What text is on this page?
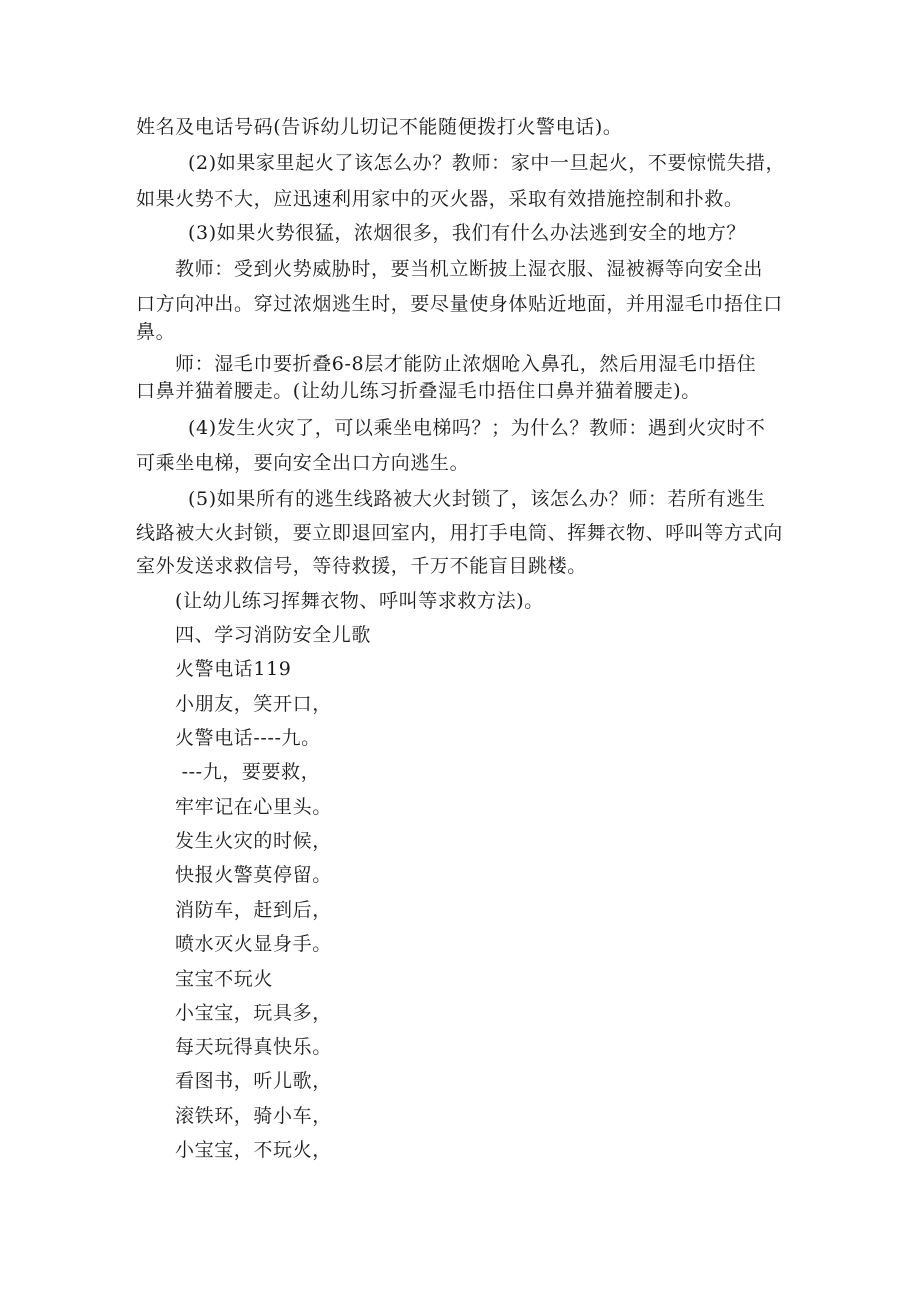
姓名及电话号码(告诉幼儿切记不能随便拨打火警电话)。
(2)如果家里起火了该怎么办？教师：家中一旦起火，不要惊慌失措，
如果火势不大，应迅速利用家中的灭火器，采取有效措施控制和扑救。
(3)如果火势很猛，浓烟很多，我们有什么办法逃到安全的地方？
教师：受到火势威胁时，要当机立断披上湿衣服、湿被褥等向安全出
口方向冲出。穿过浓烟逃生时，要尽量使身体贴近地面，并用湿毛巾捂住口
鼻。
师：湿毛巾要折叠6-8层才能防止浓烟呛入鼻孔，然后用湿毛巾捂住
口鼻并猫着腰走。(让幼儿练习折叠湿毛巾捂住口鼻并猫着腰走)。
(4)发生火灾了，可以乘坐电梯吗？；为什么？教师：遇到火灾时不
可乘坐电梯，要向安全出口方向逃生。
(5)如果所有的逃生线路被大火封锁了，该怎么办？师：若所有逃生
线路被大火封锁，要立即退回室内，用打手电筒、挥舞衣物、呼叫等方式向
室外发送求救信号，等待救援，千万不能盲目跳楼。
(让幼儿练习挥舞衣物、呼叫等求救方法)。
四、学习消防安全儿歌
火警电话119
小朋友，笑开口，
火警电话----九。
---九，要要救，
牢牢记在心里头。
发生火灾的时候，
快报火警莫停留。
消防车，赶到后，
喷水灭火显身手。
宝宝不玩火
小宝宝，玩具多，
每天玩得真快乐。
看图书，听儿歌，
滚铁环，骑小车，
小宝宝，不玩火，
